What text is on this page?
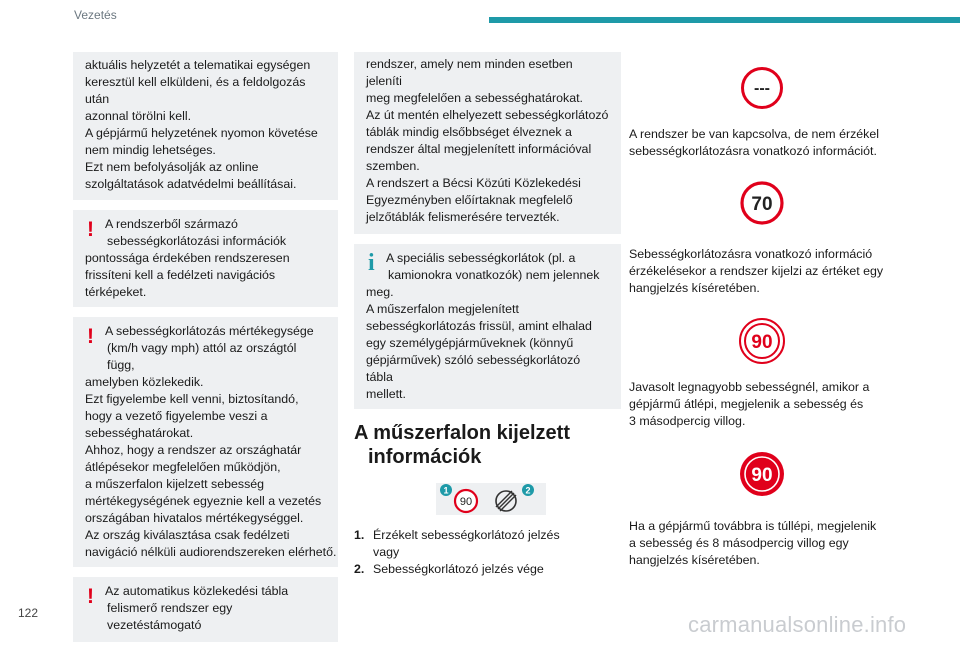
Vezetés

aktuális helyzetét a telematikai egységen

keresztül kell elküldeni, és a feldolgozás után

azonnal törölni kell.

A gépjármű helyzetének nyomon követése

nem mindig lehetséges.

Ezt nem befolyásolják az online

szolgáltatások adatvédelmi beállításai.

! A rendszerből származó

sebességkorlátozási információk

pontossága érdekében rendszeresen

frissíteni kell a fedélzeti navigációs

térképeket.

! A sebességkorlátozás mértékegysége

(km/h vagy mph) attól az országtól függ,

amelyben közlekedik.

Ezt figyelembe kell venni, biztosítandó,

hogy a vezető figyelembe veszi a

sebességhatárokat.

Ahhoz, hogy a rendszer az országhatár

átlépésekor megfelelően működjön,

a műszerfalon kijelzett sebesség

mértékegységének egyeznie kell a vezetés

országában hivatalos mértékegységgel.

Az ország kiválasztása csak fedélzeti

navigáció nélküli audiorendszereken elérhető.

! Az automatikus közlekedési tábla

felismerő rendszer egy vezetéstámogató

rendszer, amely nem minden esetben jeleníti

meg megfelelően a sebességhatárokat.

Az út mentén elhelyezett sebességkorlátozó

táblák mindig elsőbbséget élveznek a

rendszer által megjelenített információval

szemben.

A rendszert a Bécsi Közúti Közlekedési

Egyezményben előírtaknak megfelelő

jelzőtáblák felismerésére tervezték.

i A speciális sebességkorlátok (pl. a

kamionokra vonatkozók) nem jelennek

meg.

A műszerfalon megjelenített

sebességkorlátozás frissül, amint elhalad

egy személygépjárműveknek (könnyű

gépjárművek) szóló sebességkorlátozó tábla

mellett.

A műszerfalon kijelzett
információk
1
90
2
1. Érzékelt sebességkorlátozó jelzés
vagy
2. Sebességkorlátozó jelzés vége
---

A rendszer be van kapcsolva, de nem érzékel
sebességkorlátozásra vonatkozó információt.

70

Sebességkorlátozásra vonatkozó információ
érzékelésekor a rendszer kijelzi az értéket egy
hangjelzés kíséretében.

90

Javasolt legnagyobb sebességnél, amikor a
gépjármű átlépi, megjelenik a sebesség és
3 másodpercig villog.

90

Ha a gépjármű továbbra is túllépi, megjelenik
a sebesség és 8 másodpercig villog egy
hangjelzés kíséretében.

122	carmanualsonline.info
